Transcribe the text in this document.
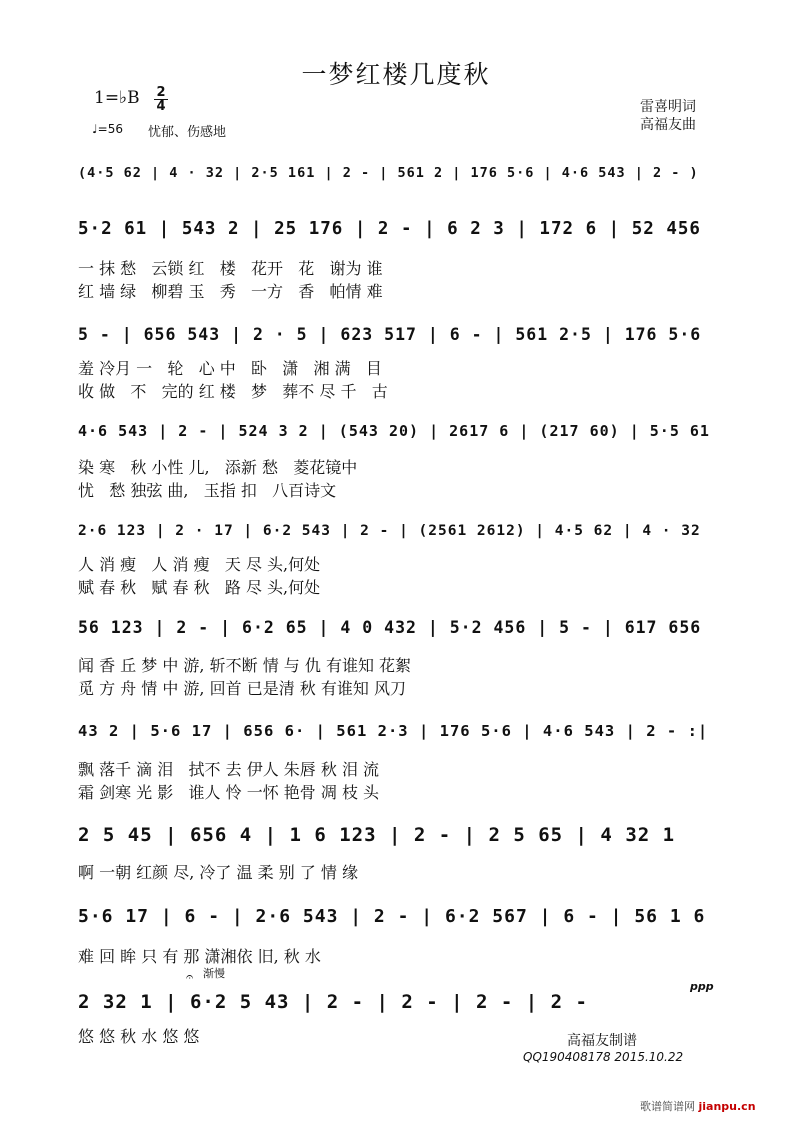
一梦红楼几度秋
1=♭B 2
4
♩=56 忧郁、伤感地
雷喜明词
高福友曲
(4·5 62 | 4 · 32 | 2·5 161 | 2 - | 561 2 | 176 5·6 | 4·6 543 | 2 - )
5·2 61 | 543 2 | 25 176 | 2 - | 6 2 3 | 172 6 | 52 456
一 抹 愁   云锁 红   楼   花开   花   谢为 谁
红 墙 绿   柳碧 玉   秀   一方   香   帕情 难
5 - | 656 543 | 2 · 5 | 623 517 | 6 - | 561 2·5 | 176 5·6
羞 冷月 一   轮   心 中   卧   潇   湘 满   目
收 做   不   完的 红 楼   梦   葬不 尽 千   古
4·6 543 | 2 - | 524 3 2 | (543 20) | 2617 6 | (217 60) | 5·5 61
染 寒   秋 小性 儿,   添新 愁   菱花镜中
忧   愁 独弦 曲,   玉指 扣   八百诗文
2·6 123 | 2 · 17 | 6·2 543 | 2 - | (2561 2612) | 4·5 62 | 4 · 32
人 消 瘦   人 消 瘦   天 尽 头,何处
赋 春 秋   赋 春 秋   路 尽 头,何处
56 123 | 2 - | 6·2 65 | 4 0 432 | 5·2 456 | 5 - | 617 656
闻 香 丘 梦 中 游, 斩不断 情 与 仇 有谁知 花絮
觅 方 舟 情 中 游, 回首 已是清 秋 有谁知 风刀
43 2 | 5·6 17 | 656 6· | 561 2·3 | 176 5·6 | 4·6 543 | 2 - :|
飘 落千 滴 泪   拭不 去 伊人 朱唇 秋 泪 流
霜 剑寒 光 影   谁人 怜 一怀 艳骨 凋 枝 头
2 5 45 | 656 4 | 1 6 123 | 2 - | 2 5 65 | 4 32 1
啊 一朝 红颜 尽, 冷了 温 柔 别 了 情 缘
5·6 17 | 6 - | 2·6 543 | 2 - | 6·2 567 | 6 - | 56 1 6
难 回 眸 只 有 那 潇湘依 旧, 秋 水
渐慢
𝄐
ppp
2 32 1 | 6·2 5 43 | 2 - | 2 - | 2 - | 2 -
悠 悠 秋 水 悠 悠	高福友制谱
QQ190408178 2015.10.22
歌谱简谱网 jianpu.cn
